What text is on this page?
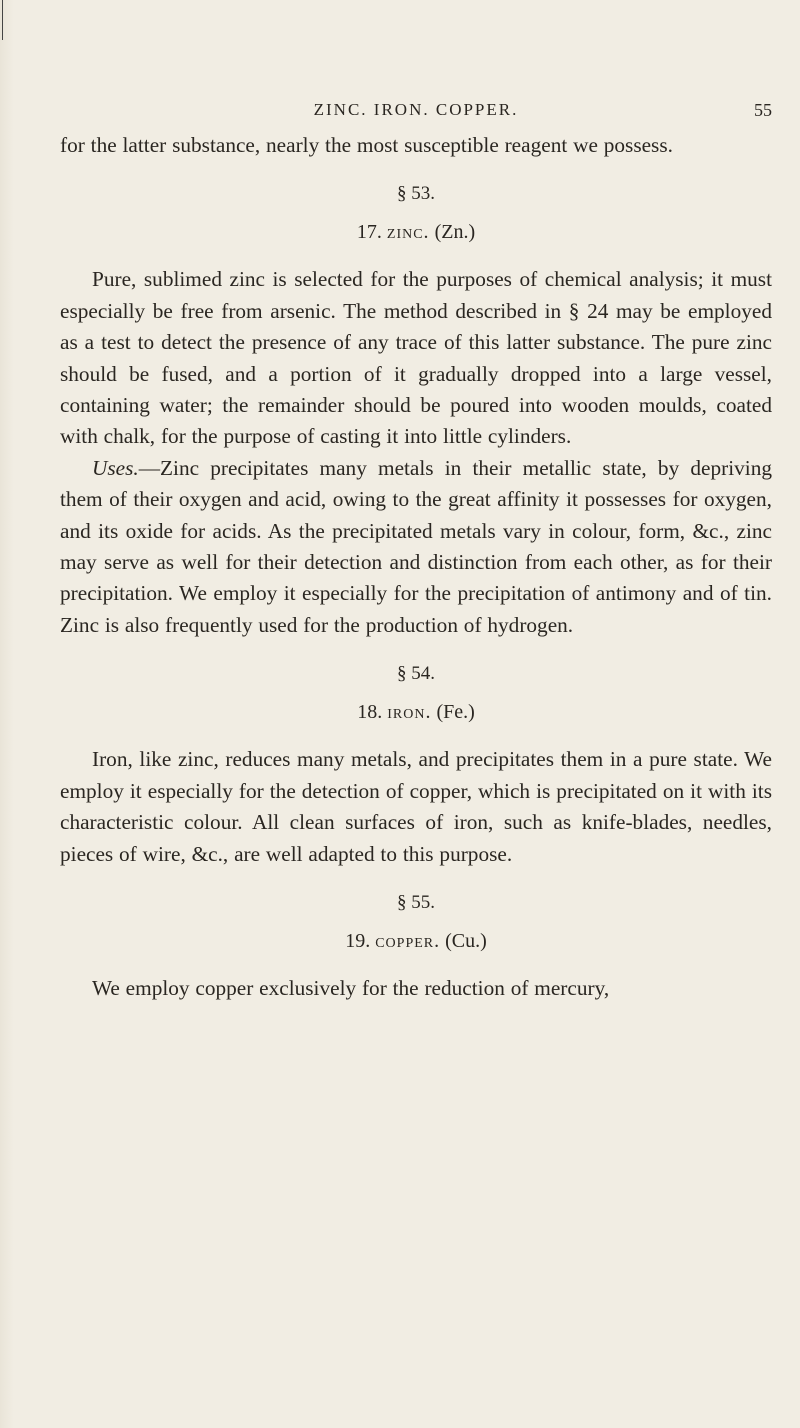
ZINC. IRON. COPPER.	55

for the latter substance, nearly the most susceptible reagent we possess.

§ 53.
17. zinc. (Zn.)

Pure, sublimed zinc is selected for the purposes of chemical analysis; it must especially be free from arsenic. The method described in § 24 may be employed as a test to detect the presence of any trace of this latter substance. The pure zinc should be fused, and a portion of it gradually dropped into a large vessel, containing water; the remainder should be poured into wooden moulds, coated with chalk, for the purpose of casting it into little cylinders.

Uses.—Zinc precipitates many metals in their metallic state, by depriving them of their oxygen and acid, owing to the great affinity it possesses for oxygen, and its oxide for acids. As the precipitated metals vary in colour, form, &c., zinc may serve as well for their detection and distinction from each other, as for their precipitation. We employ it especially for the precipitation of antimony and of tin. Zinc is also frequently used for the production of hydrogen.

§ 54.
18. iron. (Fe.)

Iron, like zinc, reduces many metals, and precipitates them in a pure state. We employ it especially for the detection of copper, which is precipitated on it with its characteristic colour. All clean surfaces of iron, such as knife-blades, needles, pieces of wire, &c., are well adapted to this purpose.

§ 55.
19. copper. (Cu.)

We employ copper exclusively for the reduction of mercury,
